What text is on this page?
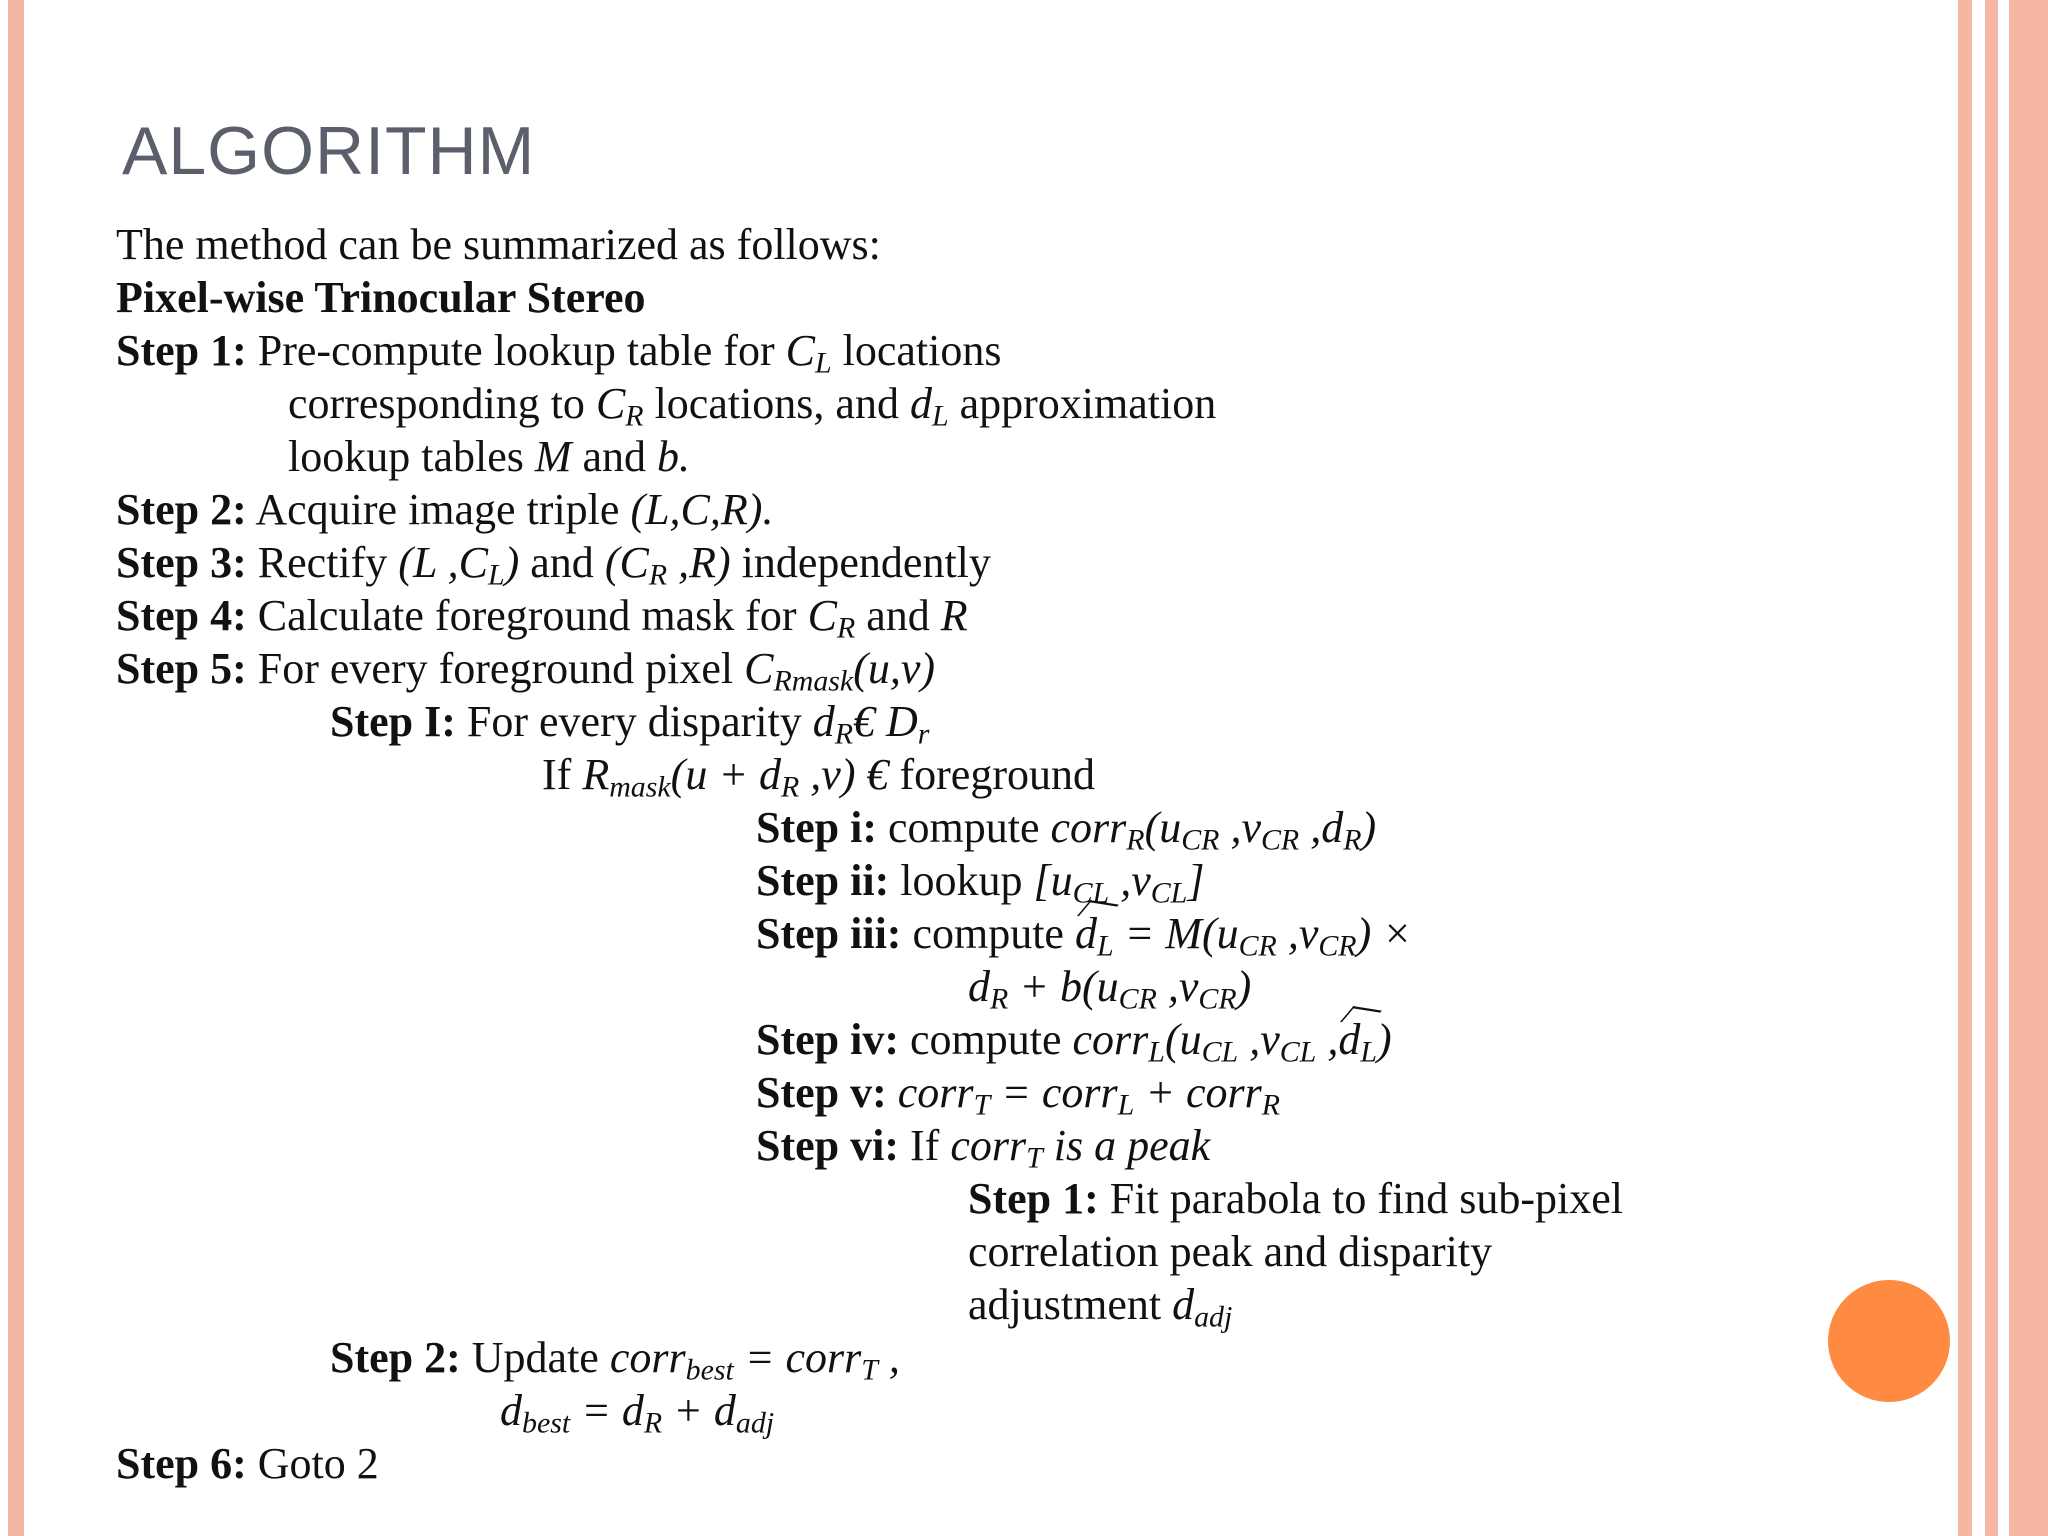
ALGORITHM
The method can be summarized as follows:
Pixel-wise Trinocular Stereo
Step 1: Pre-compute lookup table for $C_L$ locations
corresponding to $C_R$ locations, and $d_L$ approximation
lookup tables M and b.
Step 2: Acquire image triple (L,C,R).
Step 3: Rectify (L $,C_L$) and ($C_R$ ,R) independently
Step 4: Calculate foreground mask for $C_R$ and R
Step 5: For every foreground pixel $C_{Rmask}(u,v)$
Step I: For every disparity $d_R€$ $D_r$
If $R_{mask}(u + d_R$ ,v) € foreground
Step i: compute $corr_R(u_{CR}$ $,v_{CR}$ $,d_R$)
Step ii: lookup [$u_{CL}$ $,v_{CL}$]
Step iii: compute $d_L = M(u_{CR}$ $,v_{CR}$) ×
$d_R + b(u_{CR}$ $,v_{CR}$)
Step iv: compute $corr_L(u_{CL}$ $,v_{CL}$ $,d_L$)
Step v: corr$_T$ = corr$_L$ + corr$_R$
Step vi: If corr$_T$ is a peak
Step 1: Fit parabola to find sub-pixel
correlation peak and disparity
adjustment $d_{adj}$
Step 2: Update corr$_{best}$ = corr$_T$ ,
$d_{best} = d_R + d_{adj}$
Step 6: Goto 2
